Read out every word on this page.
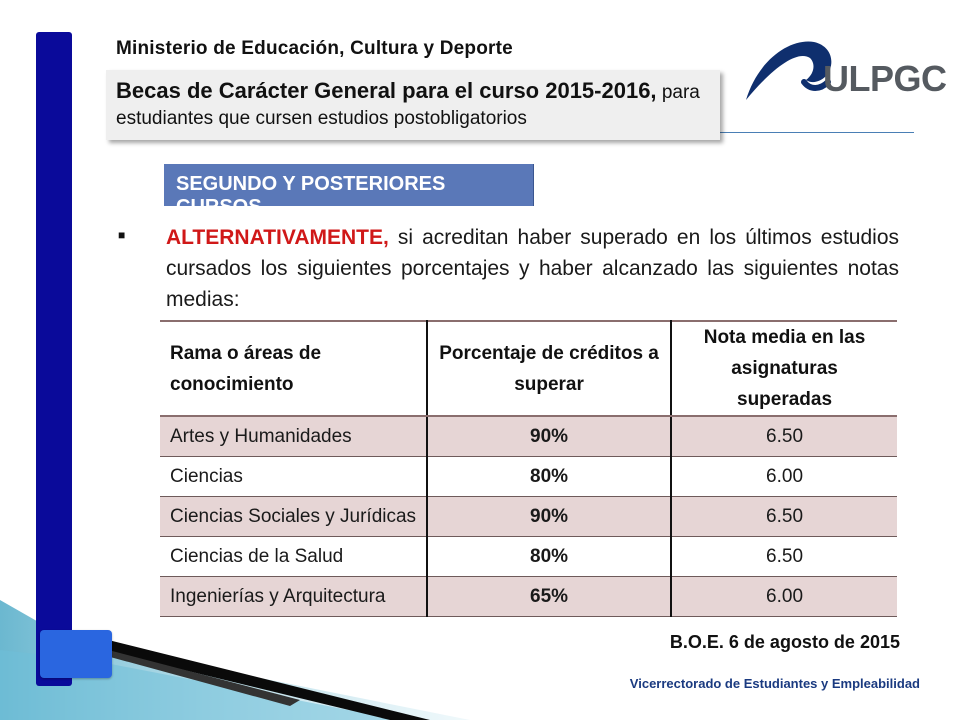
Ministerio de Educación, Cultura y Deporte
ULPGC
Becas de Carácter General para el curso 2015-2016, para estudiantes que cursen estudios postobligatorios
SEGUNDO Y POSTERIORES CURSOS
■ ALTERNATIVAMENTE, si acreditan haber superado en los últimos estudios cursados los siguientes porcentajes y haber alcanzado las siguientes notas medias:
Rama o áreas de conocimiento	Porcentaje de créditos a superar	Nota media en las asignaturas superadas
Artes y Humanidades	90%	6.50
Ciencias	80%	6.00
Ciencias Sociales y Jurídicas	90%	6.50
Ciencias de la Salud	80%	6.50
Ingenierías y Arquitectura	65%	6.00
B.O.E. 6 de agosto de 2015
Vicerrectorado de Estudiantes y Empleabilidad
